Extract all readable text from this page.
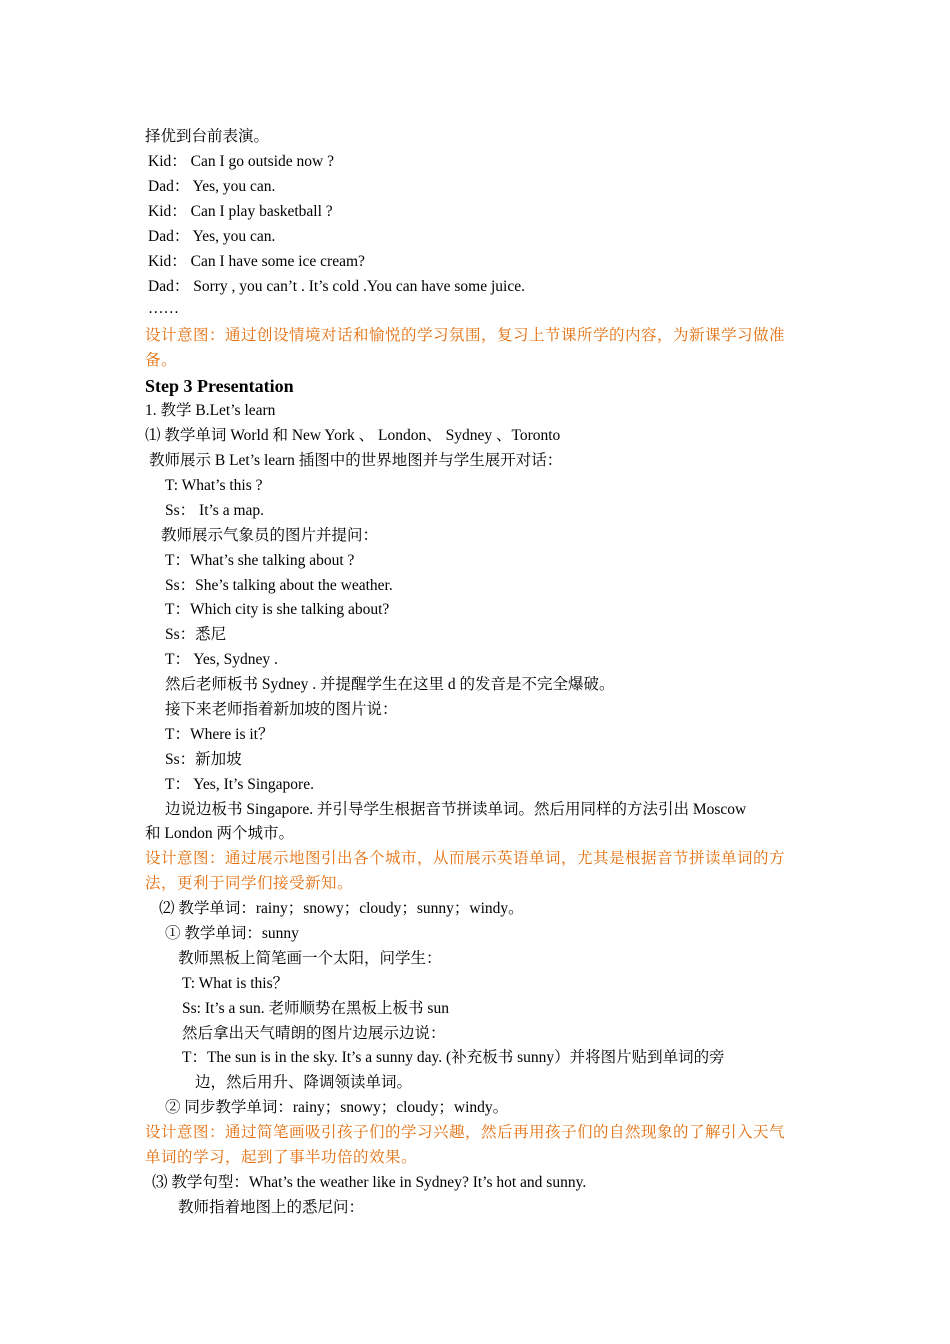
择优到台前表演。
Kid： Can I go outside now ?
Dad： Yes, you can.
Kid： Can I play basketball ?
Dad： Yes, you can.
Kid： Can I have some ice cream?
Dad： Sorry , you can’t . It’s cold .You can have some juice.
……
设计意图：通过创设情境对话和愉悦的学习氛围，复习上节课所学的内容，为新课学习做准
备。
Step 3 Presentation
1. 教学 B.Let’s learn
⑴ 教学单词 World 和 New York 、 London、 Sydney 、Toronto
教师展示 B Let’s learn 插图中的世界地图并与学生展开对话：
T: What’s this ?
Ss： It’s a map.
教师展示气象员的图片并提问：
T：What’s she talking about ?
Ss：She’s talking about the weather.
T：Which city is she talking about?
Ss：悉尼
T： Yes, Sydney .
然后老师板书 Sydney . 并提醒学生在这里 d 的发音是不完全爆破。
接下来老师指着新加坡的图片说：
T：Where is it？
Ss：新加坡
T： Yes, It’s Singapore.
边说边板书 Singapore. 并引导学生根据音节拼读单词。然后用同样的方法引出 Moscow
和 London 两个城市。
设计意图：通过展示地图引出各个城市，从而展示英语单词，尤其是根据音节拼读单词的方
法，更利于同学们接受新知。
⑵ 教学单词：rainy；snowy；cloudy；sunny；windy。
① 教学单词：sunny
教师黑板上简笔画一个太阳，问学生：
T: What is this？
Ss: It’s a sun. 老师顺势在黑板上板书 sun
然后拿出天气晴朗的图片边展示边说：
T：The sun is in the sky. It’s a sunny day. (补充板书 sunny）并将图片贴到单词的旁
边，然后用升、降调领读单词。
② 同步教学单词：rainy；snowy；cloudy；windy。
设计意图：通过简笔画吸引孩子们的学习兴趣，然后再用孩子们的自然现象的了解引入天气
单词的学习，起到了事半功倍的效果。
⑶ 教学句型：What’s the weather like in Sydney? It’s hot and sunny.
教师指着地图上的悉尼问：
